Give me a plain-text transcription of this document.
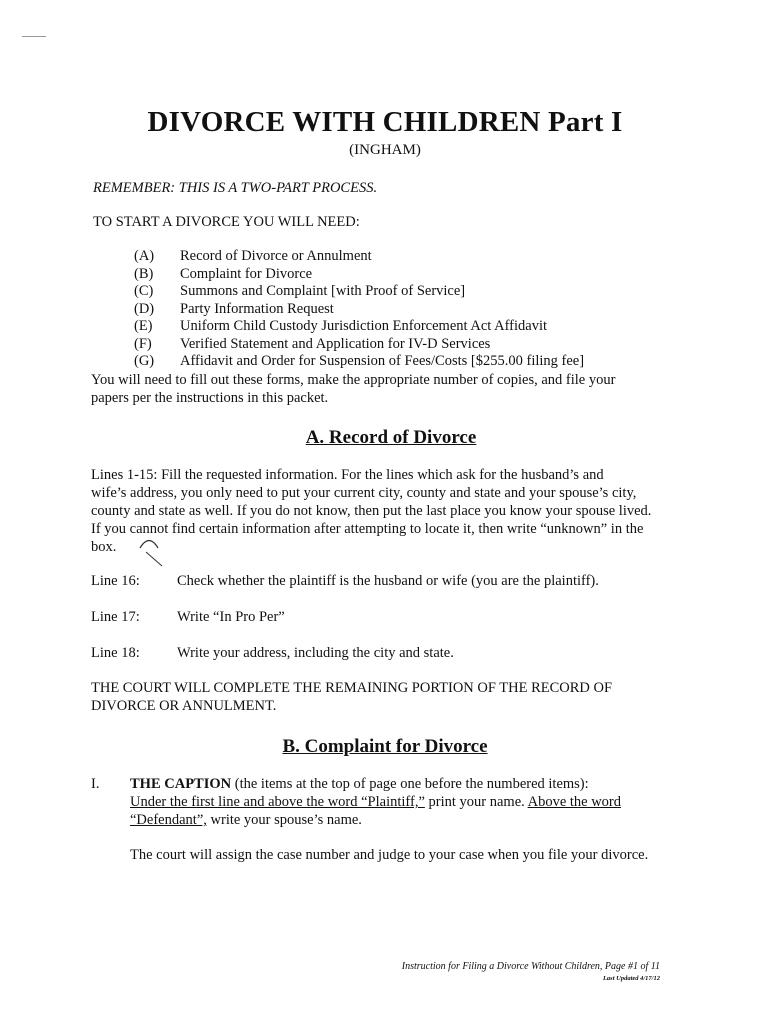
DIVORCE WITH CHILDREN Part I
(INGHAM)
REMEMBER: THIS IS A TWO-PART PROCESS.
TO START A DIVORCE YOU WILL NEED:
(A)	Record of Divorce or Annulment
(B)	Complaint for Divorce
(C)	Summons and Complaint [with Proof of Service]
(D)	Party Information Request
(E)	Uniform Child Custody Jurisdiction Enforcement Act Affidavit
(F)	Verified Statement and Application for IV-D Services
(G)	Affidavit and Order for Suspension of Fees/Costs [$255.00 filing fee]
You will need to fill out these forms, make the appropriate number of copies, and file your
papers per the instructions in this packet.
A. Record of Divorce
Lines 1-15: Fill the requested information. For the lines which ask for the husband’s and
wife’s address, you only need to put your current city, county and state and your spouse’s city,
county and state as well. If you do not know, then put the last place you know your spouse lived.
If you cannot find certain information after attempting to locate it, then write “unknown” in the
box.
Line 16:	Check whether the plaintiff is the husband or wife (you are the plaintiff).
Line 17:	Write “In Pro Per”
Line 18:	Write your address, including the city and state.
THE COURT WILL COMPLETE THE REMAINING PORTION OF THE RECORD OF
DIVORCE OR ANNULMENT.
B. Complaint for Divorce
I. THE CAPTION (the items at the top of page one before the numbered items):
Under the first line and above the word “Plaintiff,” print your name. Above the word
“Defendant”, write your spouse’s name.
The court will assign the case number and judge to your case when you file your divorce.
Instruction for Filing a Divorce Without Children, Page #1 of 11
Last Updated 4/17/12
